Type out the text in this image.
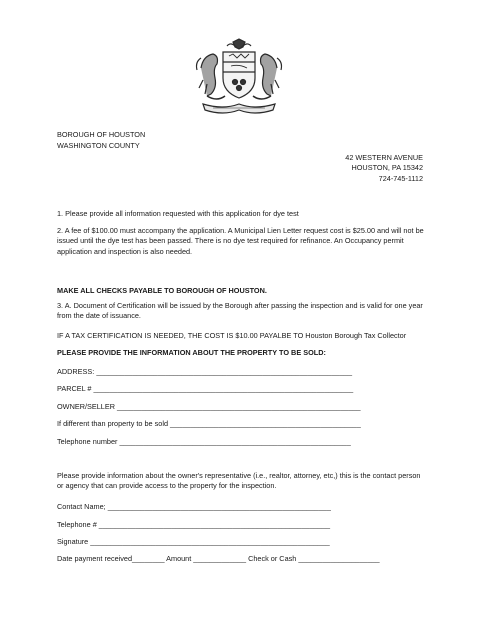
BOROUGH OF HOUSTON

WASHINGTON COUNTY

42 WESTERN AVENUE

HOUSTON, PA 15342

724-745-1112

1. Please provide all information requested with this application for dye test

2. A fee of $100.00 must accompany the application. A Municipal Lien Letter request cost is $25.00 and will not be issued until the dye test has been passed. There is no dye test required for refinance. An Occupancy permit application and inspection is also needed.

MAKE ALL CHECKS PAYABLE TO BOROUGH OF HOUSTON.

3. A. Document of Certification will be issued by the Borough after passing the inspection and is valid for one year from the date of issuance.

IF A TAX CERTIFICATION IS NEEDED, THE COST IS $10.00 PAYALBE TO Houston Borough Tax Collector

PLEASE PROVIDE THE INFORMATION ABOUT THE PROPERTY TO BE SOLD:

ADDRESS: _______________________________________________________________

PARCEL # ________________________________________________________________

OWNER/SELLER ____________________________________________________________

If different than property to be sold _______________________________________________

Telephone number _________________________________________________________

Please provide information about the owner's representative (i.e., realtor, attorney, etc,) this is the contact person or agency that can provide access to the property for the inspection.

Contact Name; _______________________________________________________

Telephone # _________________________________________________________

Signature ___________________________________________________________

Date payment received________ Amount _____________ Check or Cash ____________________
